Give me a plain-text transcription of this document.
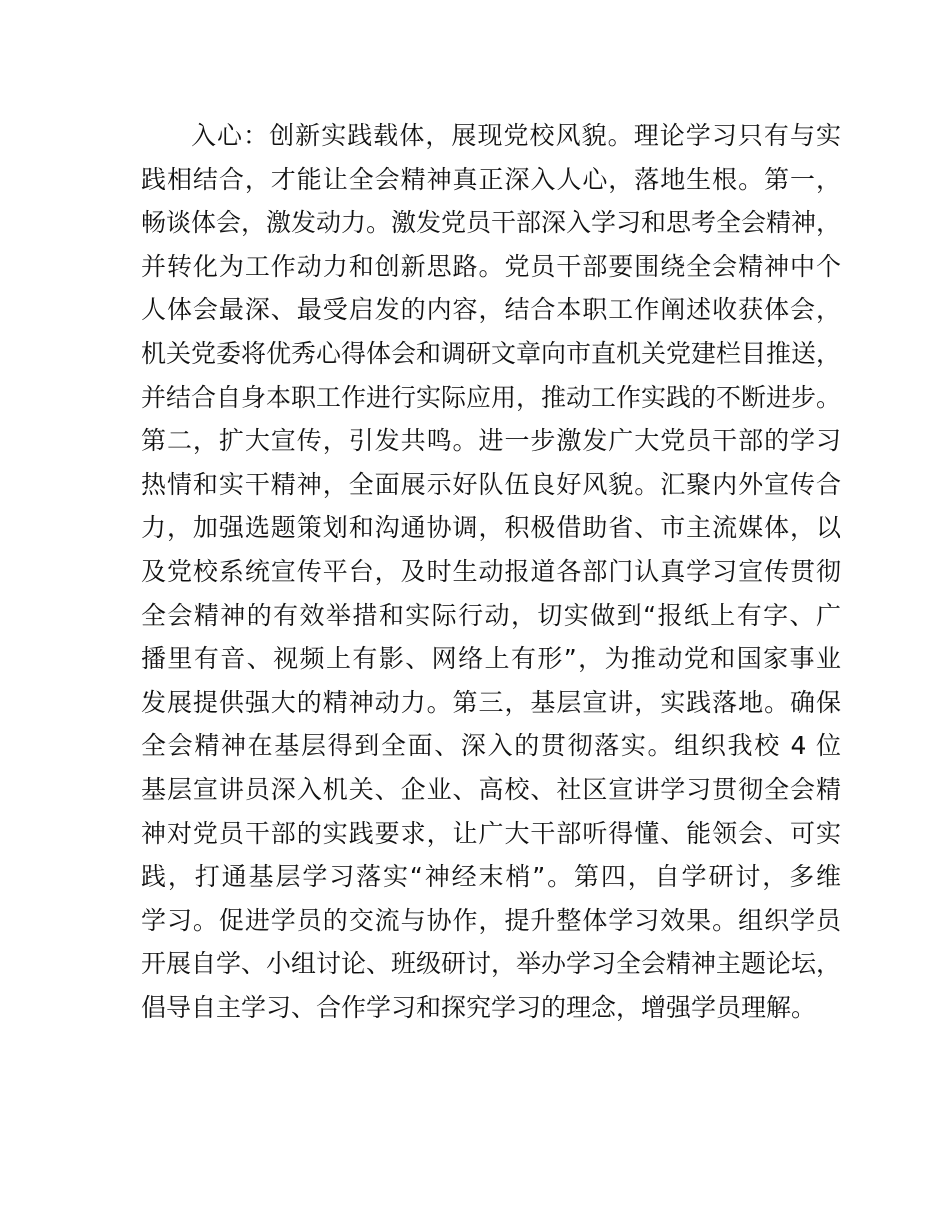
入心：创新实践载体，展现党校风貌。理论学习只有与实
践相结合，才能让全会精神真正深入人心，落地生根。第一，
畅谈体会，激发动力。激发党员干部深入学习和思考全会精神，
并转化为工作动力和创新思路。党员干部要围绕全会精神中个
人体会最深、最受启发的内容，结合本职工作阐述收获体会，
机关党委将优秀心得体会和调研文章向市直机关党建栏目推送，
并结合自身本职工作进行实际应用，推动工作实践的不断进步。
第二，扩大宣传，引发共鸣。进一步激发广大党员干部的学习
热情和实干精神，全面展示好队伍良好风貌。汇聚内外宣传合
力，加强选题策划和沟通协调，积极借助省、市主流媒体，以
及党校系统宣传平台，及时生动报道各部门认真学习宣传贯彻
全会精神的有效举措和实际行动，切实做到“报纸上有字、广
播里有音、视频上有影、网络上有形”，为推动党和国家事业
发展提供强大的精神动力。第三，基层宣讲，实践落地。确保
全会精神在基层得到全面、深入的贯彻落实。组织我校 4 位
基层宣讲员深入机关、企业、高校、社区宣讲学习贯彻全会精
神对党员干部的实践要求，让广大干部听得懂、能领会、可实
践，打通基层学习落实“神经末梢”。第四，自学研讨，多维
学习。促进学员的交流与协作，提升整体学习效果。组织学员
开展自学、小组讨论、班级研讨，举办学习全会精神主题论坛，
倡导自主学习、合作学习和探究学习的理念，增强学员理解。
